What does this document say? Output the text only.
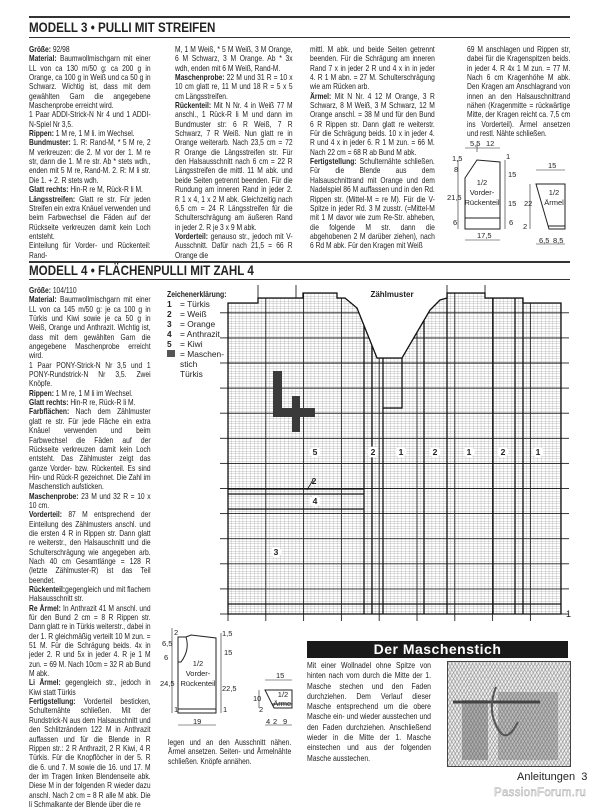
MODELL 3 • PULLI MIT STREIFEN

Größe: 92/98

Material: Baumwollmischgarn mit einer LL von ca 130 m/50 g: ca 200 g in Orange, ca 100 g in Weiß und ca 50 g in Schwarz. Wichtig ist, dass mit dem gewählten Garn die angegebene Maschenprobe erreicht wird.

1 Paar ADDI-Strick-N Nr 4 und 1 ADDI-N-Spiel Nr 3,5.

Rippen: 1 M re, 1 M li. im Wechsel.

Bundmuster: 1. R: Rand-M, * 5 M re, 2 M verkreuzen: die 2. M vor der 1. M re str, dann die 1. M re str. Ab * stets wdh., enden mit 5 M re, Rand-M. 2. R: M li str. Die 1. + 2. R stets wdh.

Glatt rechts: Hin-R re M, Rück-R li M.

Längsstreifen: Glatt re str. Für jeden Streifen ein extra Knäuel verwenden und beim Farbwechsel die Fäden auf der Rückseite verkreuzen damit kein Loch entsteht.

Einteilung für Vorder- und Rückenteil: Rand-

M, 1 M Weiß, * 5 M Weiß, 3 M Orange, 6 M Schwarz, 3 M Orange. Ab * 3x wdh, enden mit 6 M Weiß, Rand-M.

Maschenprobe: 22 M und 31 R = 10 x 10 cm glatt re, 11 M und 18 R = 5 x 5 cm Längsstreifen.

Rückenteil: Mit N Nr. 4 in Weiß 77 M anschl., 1 Rück-R li M und dann im Bundmuster str: 6 R Weiß, 7 R Schwarz, 7 R Weiß. Nun glatt re in Orange weiterarb. Nach 23,5 cm = 72 R Orange die Längsstreifen str. Für den Halsausschnitt nach 6 cm = 22 R Längsstreifen die mittl. 11 M abk. und beide Seiten getrennt beenden. Für die Rundung am inneren Rand in jeder 2. R 1 x 4, 1 x 2 M abk. Gleichzeitig nach 6,5 cm = 24 R Längsstreifen für die Schulterschrägung am äußeren Rand in jeder 2. R je 3 x 9 M abk.

Vorderteil: genauso str., jedoch mit V-Ausschnitt. Dafür nach 21,5 = 66 R Orange die

mittl. M abk. und beide Seiten getrennt beenden. Für die Schrägung am inneren Rand 7 x in jeder 2 R und 4 x in in jeder 4. R 1 M abn. = 27 M. Schulterschrägung wie am Rücken arb.

Ärmel: Mit N Nr. 4 12 M Orange, 3 R Schwarz, 8 M Weiß, 3 M Schwarz, 12 M Orange anschl. = 38 M und für den Bund 6 R Rippen str. Dann glatt re weiterstr. Für die Schrägung beids. 10 x in jeder 4. R und 4 x in jeder 6. R 1 M zun. = 66 M. Nach 22 cm = 68 R ab Bund M abk.

Fertigstellung: Schulternähte schließen. Für die Blende aus dem Halsauschnittrand mit Orange und dem Nadelspiel 86 M auffassen und in den Rd. Rippen str. (Mittel-M = re M). Für die V-Spitze in jeder Rd. 3 M zusstr. (=Mittel-M mit 1 M davor wie zum Re-Str. abheben, die folgende M str. dann die abgehobenen 2 M darüber ziehen), nach 6 Rd M abk. Für den Kragen mit Weiß

69 M anschlagen und Rippen str, dabei für die Kragenspitzen beids. in jeder 4. R 4x 1 M zun. = 77 M. Nach 6 cm Kragenhöhe M abk. Den Kragen am Anschlagrand von innen an den Halsauschnittrand nähen (Kragenmitte = rückwärtige Mitte, der Kragen reicht ca. 7,5 cm ins Vorderteil). Ärmel ansetzen und restl. Nähte schließen.

MODELL 4 • FLÄCHENPULLI MIT ZAHL 4

Größe: 104/110

Material: Baumwollmischgarn mit einer LL von ca 145 m/50 g: je ca 100 g in Türkis und Kiwi sowie je ca 50 g in Weiß, Orange und Anthrazit. Wichtig ist, dass mit dem gewählten Garn die angegebene Maschenprobe erreicht wird.

1 Paar PONY-Strick-N Nr 3,5 und 1 PONY-Rundstrick-N Nr 3,5. Zwei Knöpfe.

Rippen: 1 M re, 1 M li im Wechsel.

Glatt rechts: Hin-R re, Rück-R li M.

Farbflächen: Nach dem Zählmuster glatt re str. Für jede Fläche ein extra Knäuel verwenden und beim Farbwechsel die Fäden auf der Rückseite verkreuzen damit kein Loch entsteht. Das Zählmuster zeigt das ganze Vorder- bzw. Rückenteil. Es sind Hin- und Rück-R gezeichnet. Die Zahl im Maschenstich aufsticken.

Maschenprobe: 23 M und 32 R = 10 x 10 cm.

Vorderteil: 87 M entsprechend der Einteilung des Zählmusters anschl. und die ersten 4 R in Rippen str. Dann glatt re weiterstr., den Halsauschnitt und die Schulterschrägung wie angegeben arb. Nach 40 cm Gesamtlänge = 128 R (letzte Zählmuster-R) ist das Teil beendet.

Rückenteil:gegengleich und mit flachem Halsausschnitt str.

Re Ärmel: In Anthrazit 41 M anschl. und für den Bund 2 cm = 8 R Rippen str. Dann glatt re in Türkis weiterstr., dabei in der 1. R gleichmäßig verteilt 10 M zun. = 51 M. Für die Schrägung beids. 4x in jeder 2. R und 5x in jeder 4. R je 1 M zun. = 69 M. Nach 10cm = 32 R ab Bund M abk.

Li Ärmel: gegengleich str., jedoch in Kiwi statt Türkis

Fertigstellung: Vorderteil besticken, Schulternähte schließen. Mit der Rundstrick-N aus dem Halsauschnitt und den Schlitzrändern 122 M in Anthrazit auffassen und für die Blende in R Rippen str.: 2 R Anthrazit, 2 R Kiwi, 4 R Türkis. Für die Knopflöcher in der 5. R die 6. und 7. M sowie die 16. und 17. M der im Tragen linken Blendenseite abk. Diese M in der folgenden R wieder dazu anschl. Nach 2 cm = 8 R alle M abk. Die li Schmalkante der Blende über die re

legen und an den Ausschnitt nähen. Ärmel ansetzen. Seiten- und Ärmelnähte schließen. Knöpfe annähen.

Zeichenerklärung:
1 = Türkis
2 = Weiß
3 = Orange
4 = Anthrazit
5 = Kiwi
= Maschen-
stich
Türkis
Zählmuster
1
5	2	1	2	1	2	1
2
4
3
5,5 12
1,5
8
21,5
6
1
15
15
6
17,5
1/2
Vorder-
Rückenteil
15
22
2
6,5 8,5
1/2
Ärmel
2
6,5
6
24,5
1
1,5
15
22,5
1
19
1/2
Vorder-
Rückenteil
15
10
2
4 2 9
1/2
Ärmel
Der Maschenstich

Mit einer Wollnadel ohne Spitze von hinten nach vorn durch die Mitte der 1. Masche stechen und den Faden durchziehen. Dem Verlauf dieser Masche entsprechend um die obere Masche ein- und wieder ausstechen und den Faden durchziehen. Anschließend wieder in die Mitte der 1. Masche einstechen und aus der folgenden Masche ausstechen.

Anleitungen 3
PassionForum.ru
